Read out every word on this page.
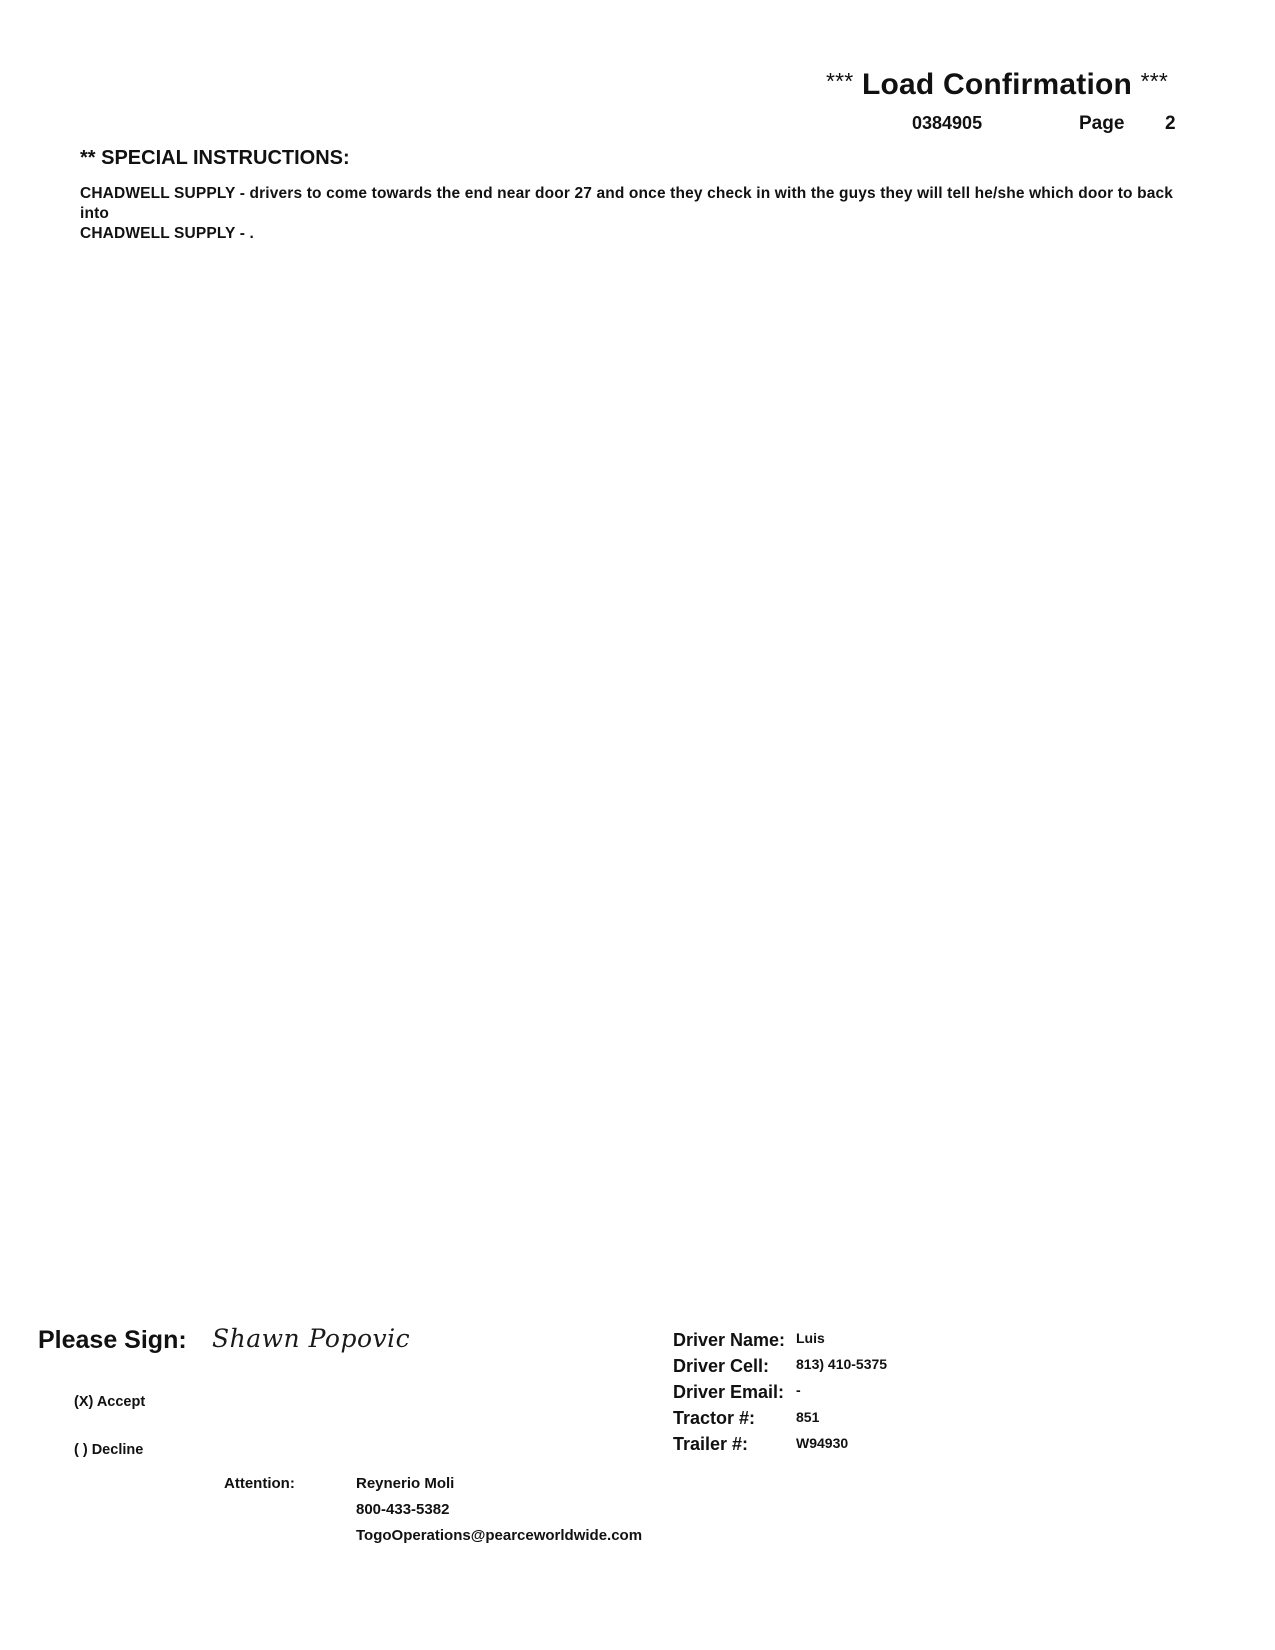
*** Load Confirmation ***
0384905	Page 2
** SPECIAL INSTRUCTIONS:
CHADWELL SUPPLY - drivers to come towards the end near door 27 and once they check in with the guys they will tell he/she which door to back into
CHADWELL SUPPLY - .
Please Sign: Shawn Popovic
(X) Accept
( ) Decline
Attention:	Reynerio Moli
800-433-5382
TogoOperations@pearceworldwide.com
Driver Name: Luis
Driver Cell: 813) 410-5375
Driver Email: -
Tractor #:	851
Trailer #:	W94930
